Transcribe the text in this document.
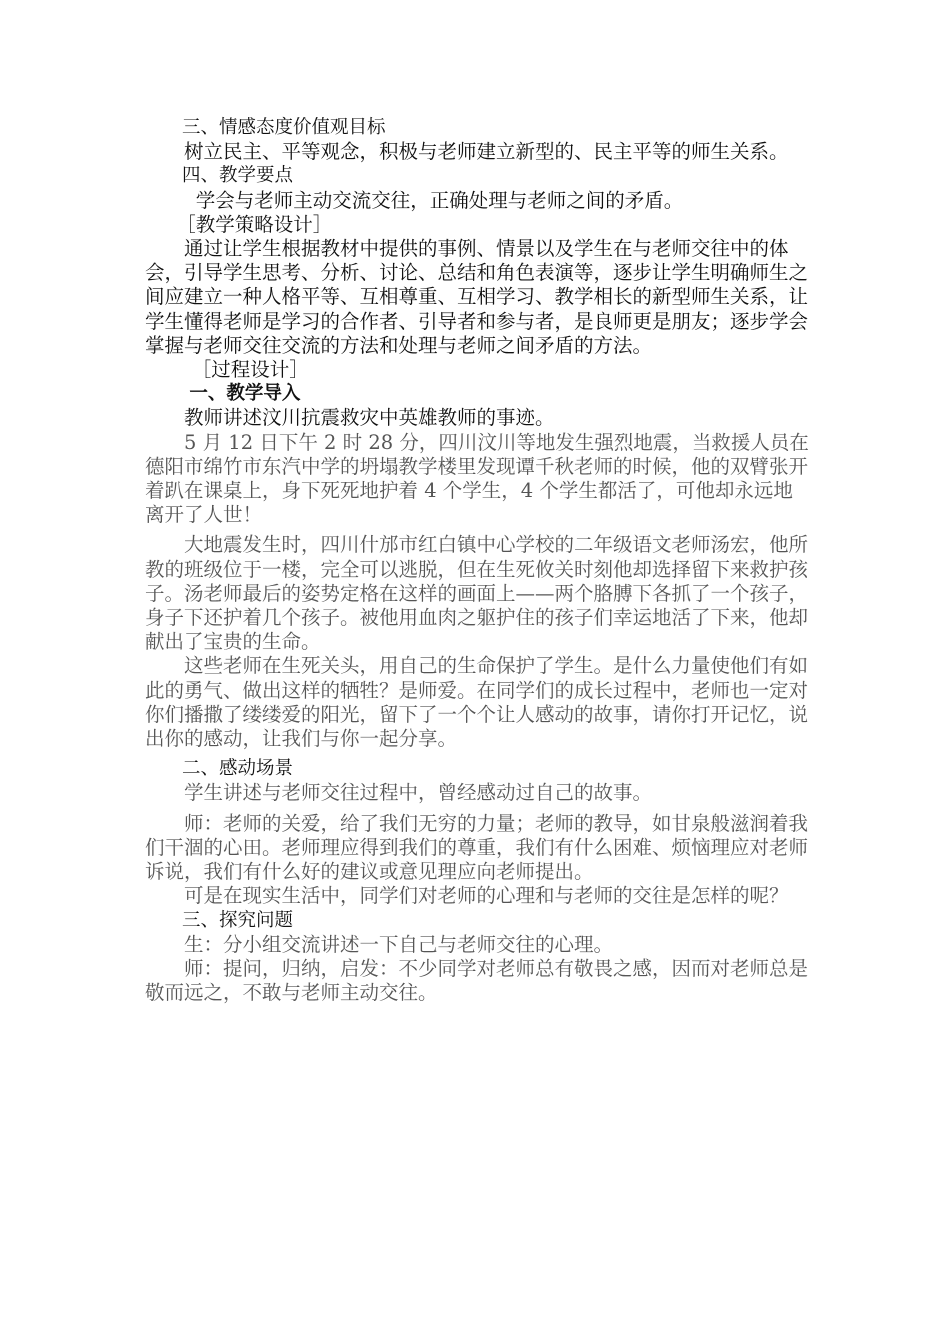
三、情感态度价值观目标

树立民主、平等观念，积极与老师建立新型的、民主平等的师生关系。

四、教学要点

学会与老师主动交流交往，正确处理与老师之间的矛盾。

［教学策略设计］

通过让学生根据教材中提供的事例、情景以及学生在与老师交往中的体会，引导学生思考、分析、讨论、总结和角色表演等，逐步让学生明确师生之间应建立一种人格平等、互相尊重、互相学习、教学相长的新型师生关系，让学生懂得老师是学习的合作者、引导者和参与者，是良师更是朋友；逐步学会掌握与老师交往交流的方法和处理与老师之间矛盾的方法。

［过程设计］

一、教学导入

教师讲述汶川抗震救灾中英雄教师的事迹。

5 月 12 日下午 2 时 28 分，四川汶川等地发生强烈地震，当救援人员在德阳市绵竹市东汽中学的坍塌教学楼里发现谭千秋老师的时候，他的双臂张开着趴在课桌上，身下死死地护着 4 个学生，4 个学生都活了，可他却永远地离开了人世！

大地震发生时，四川什邡市红白镇中心学校的二年级语文老师汤宏，他所教的班级位于一楼，完全可以逃脱，但在生死攸关时刻他却选择留下来救护孩子。汤老师最后的姿势定格在这样的画面上——两个胳膊下各抓了一个孩子，身子下还护着几个孩子。被他用血肉之躯护住的孩子们幸运地活了下来，他却献出了宝贵的生命。

这些老师在生死关头，用自己的生命保护了学生。是什么力量使他们有如此的勇气、做出这样的牺牲？是师爱。在同学们的成长过程中，老师也一定对你们播撒了缕缕爱的阳光，留下了一个个让人感动的故事，请你打开记忆，说出你的感动，让我们与你一起分享。

二、感动场景

学生讲述与老师交往过程中，曾经感动过自己的故事。

师：老师的关爱，给了我们无穷的力量；老师的教导，如甘泉般滋润着我们干涸的心田。老师理应得到我们的尊重，我们有什么困难、烦恼理应对老师诉说，我们有什么好的建议或意见理应向老师提出。

可是在现实生活中，同学们对老师的心理和与老师的交往是怎样的呢？

三、探究问题

生：分小组交流讲述一下自己与老师交往的心理。

师：提问，归纳，启发：不少同学对老师总有敬畏之感，因而对老师总是敬而远之，不敢与老师主动交往。
